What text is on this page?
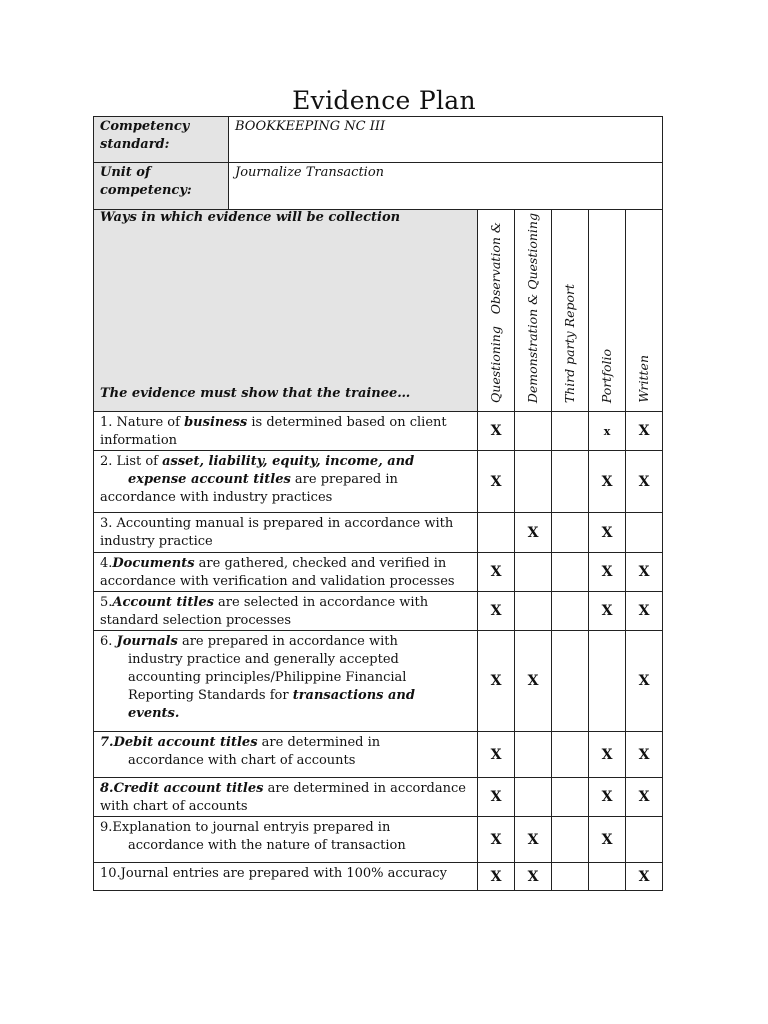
Evidence Plan
Competency
standard:	BOOKKEEPING NC III					
Unit of
competency:	Journalize Transaction					

Ways in which evidence will be collection
The evidence must show that the trainee…		Questioning   Observation &	Demonstration & Questioning	Third party Report	Portfolio	Written

1. Nature of business is determined based on client information		X			x	X
2. List of asset, liability, equity, income, and
expense account titles are prepared in
accordance with industry practices		X			X	X
3. Accounting manual is prepared in accordance with industry practice			X		X	
4.Documents are gathered, checked and verified in accordance with verification and validation processes		X			X	X
5.Account titles are selected in accordance with standard selection processes		X			X	X
6. Journals are prepared in accordance with
industry practice and generally accepted
accounting principles/Philippine Financial
Reporting Standards for transactions and
events.		X	X			X
7.Debit account titles are determined in
accordance with chart of accounts		X			X	X
8.Credit account titles are determined in accordance with chart of accounts		X			X	X
9.Explanation to journal entryis prepared in
accordance with the nature of transaction		X	X		X	
10.Journal entries are prepared with 100% accuracy		X	X			X
